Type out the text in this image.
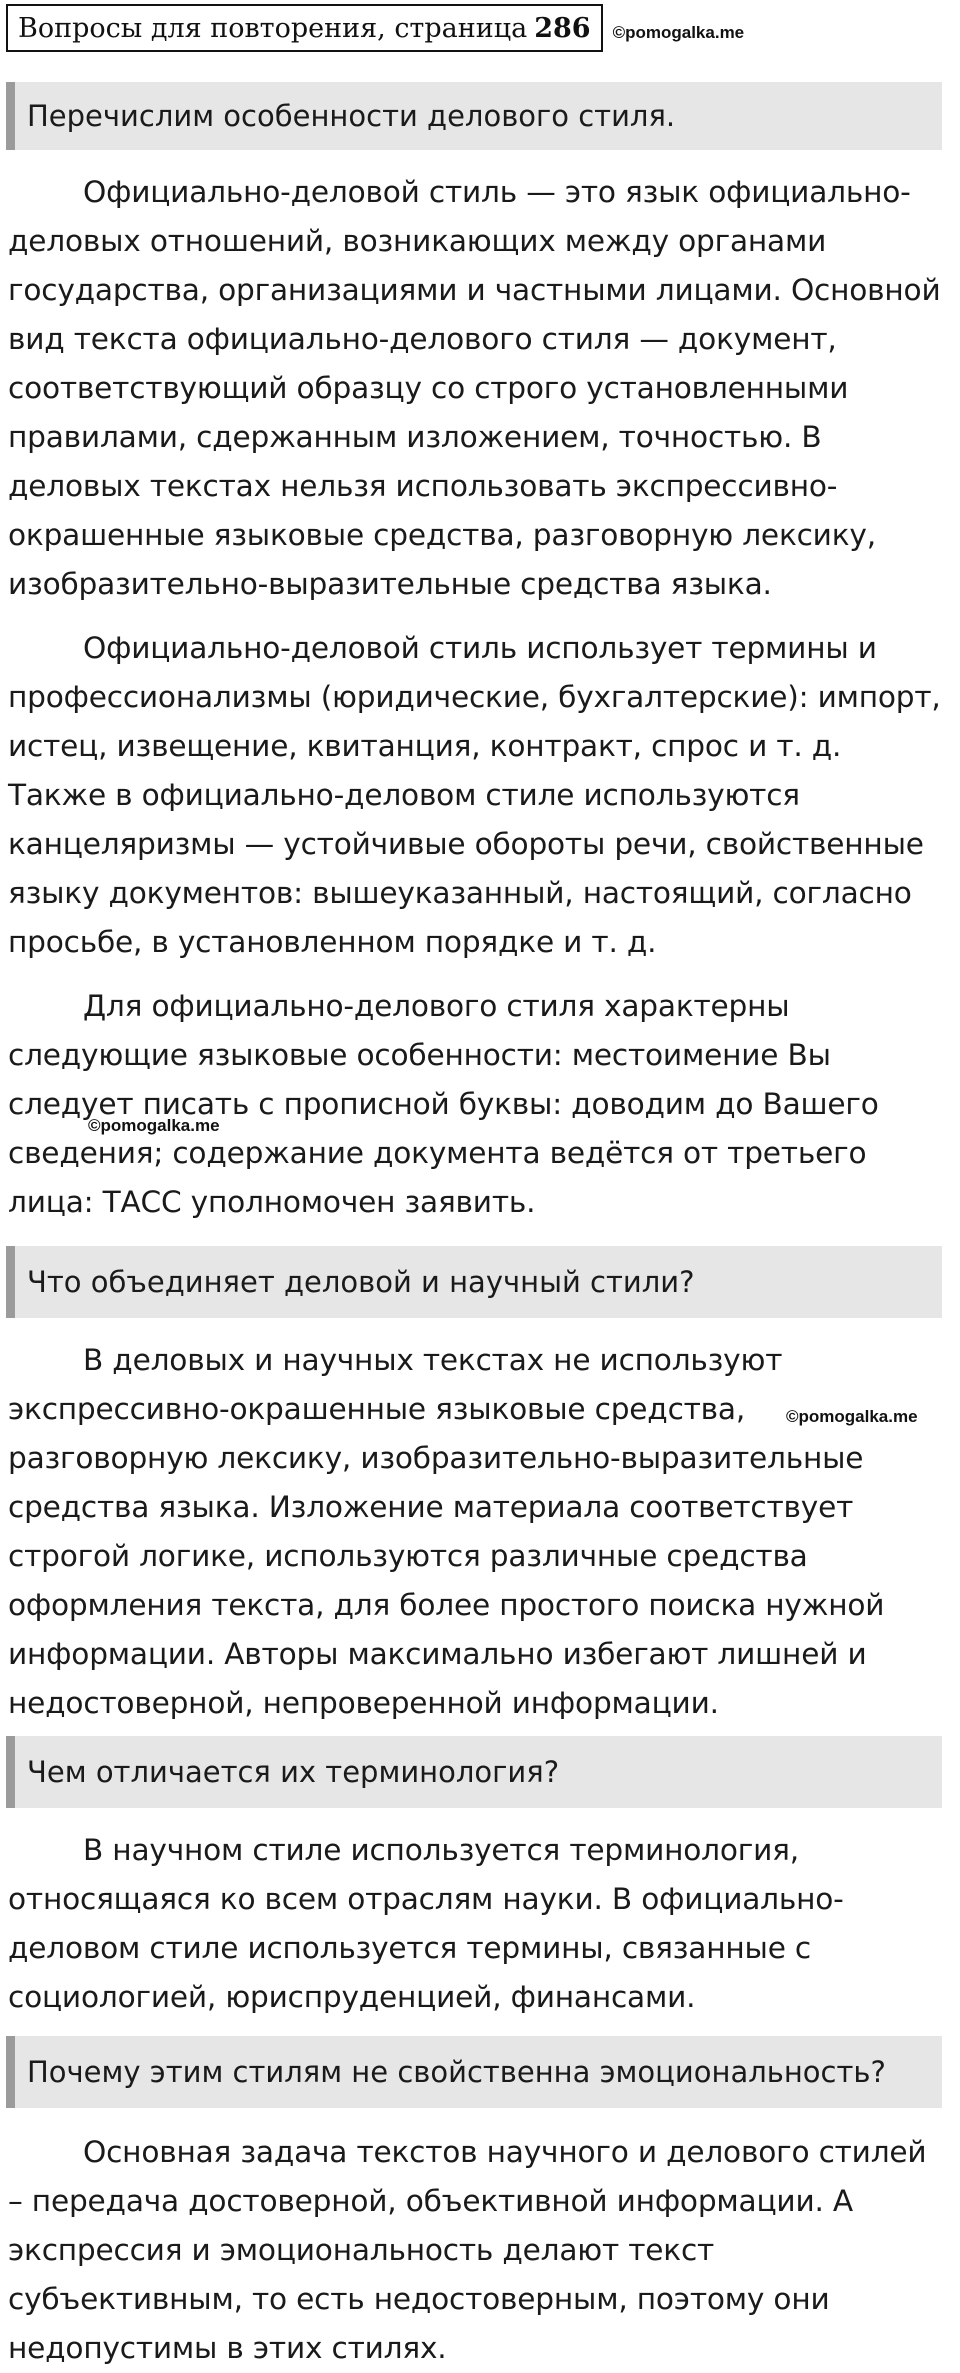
Вопросы для повторения, страница 286 ©pomogalka.me
Перечислим особенности делового стиля.

Официально-деловой стиль — это язык официально-деловых отношений, возникающих между органами государства, организациями и частными лицами. Основной вид текста официально-делового стиля — документ, соответствующий образцу со строго установленными правилами, сдержанным изложением, точностью. В деловых текстах нельзя использовать экспрессивно-окрашенные языковые средства, разговорную лексику, изобразительно-выразительные средства языка.

Официально-деловой стиль использует термины и профессионализмы (юридические, бухгалтерские): импорт, истец, извещение, квитанция, контракт, спрос и т. д. Также в официально-деловом стиле используются канцеляризмы — устойчивые обороты речи, свойственные языку документов: вышеуказанный, настоящий, согласно просьбе, в установленном порядке и т. д.

Для официально-делового стиля характерны следующие языковые особенности: местоимение Вы следует писать с прописной буквы: доводим до Вашего сведения; содержание документа ведётся от третьего лица: ТАСС уполномочен заявить.

©pomogalka.me
Что объединяет деловой и научный стили?

В деловых и научных текстах не используют экспрессивно-окрашенные языковые средства, разговорную лексику, изобразительно-выразительные средства языка. Изложение материала соответствует строгой логике, используются различные средства оформления текста, для более простого поиска нужной информации. Авторы максимально избегают лишней и недостоверной, непроверенной информации.

©pomogalka.me
Чем отличается их терминология?

В научном стиле используется терминология, относящаяся ко всем отраслям науки. В официально-деловом стиле используется термины, связанные с социологией, юриспруденцией, финансами.

Почему этим стилям не свойственна эмоциональность?

Основная задача текстов научного и делового стилей – передача достоверной, объективной информации. А экспрессия и эмоциональность делают текст субъективным, то есть недостоверным, поэтому они недопустимы в этих стилях.
